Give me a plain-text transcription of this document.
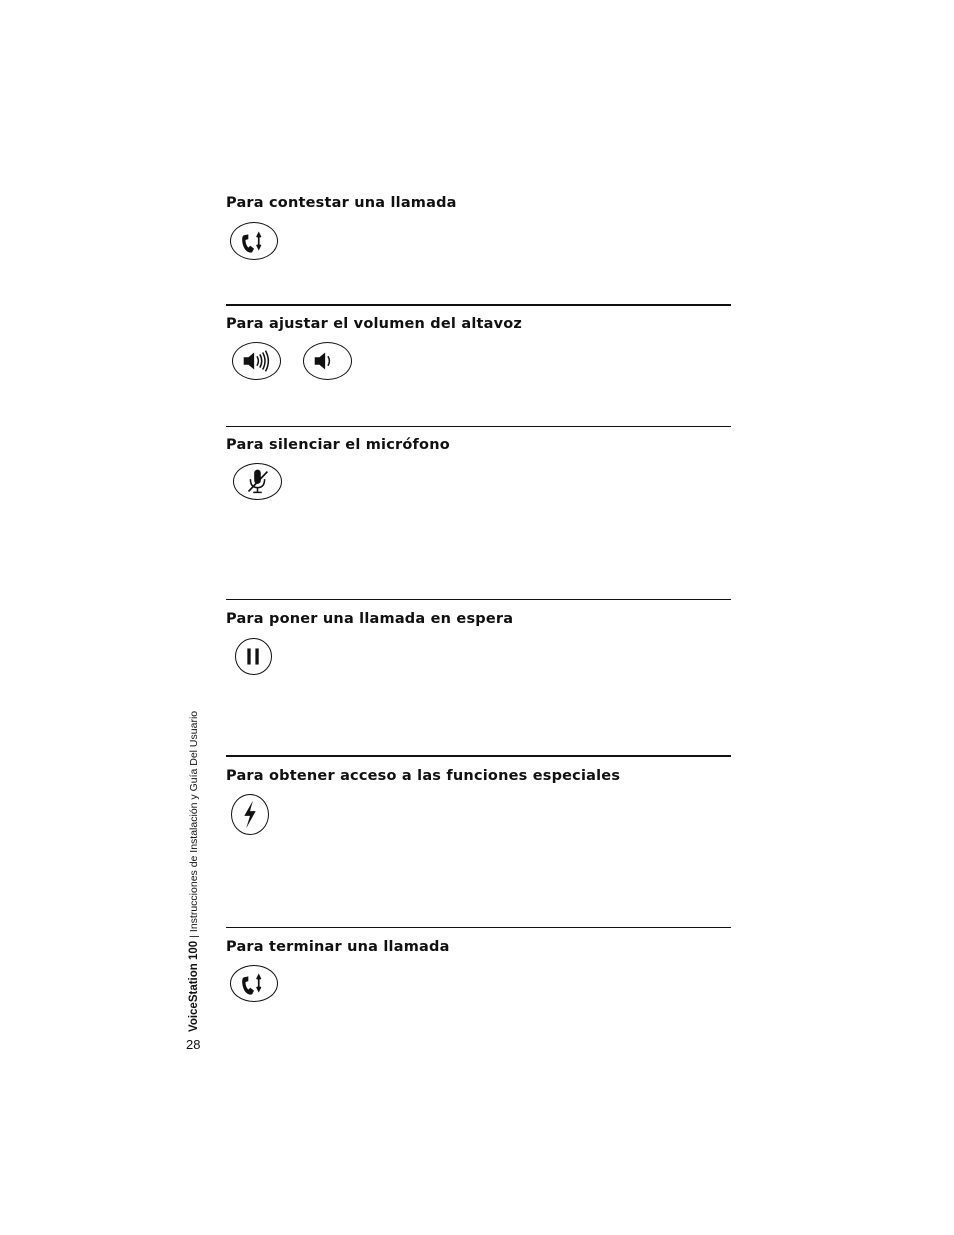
Para contestar una llamada
Para ajustar el volumen del altavoz
Para silenciar el micrófono
Para poner una llamada en espera
Para obtener acceso a las funciones especiales
Para terminar una llamada
VoiceStation 100|Instrucciones de Instalación y Guía Del Usuario
28
